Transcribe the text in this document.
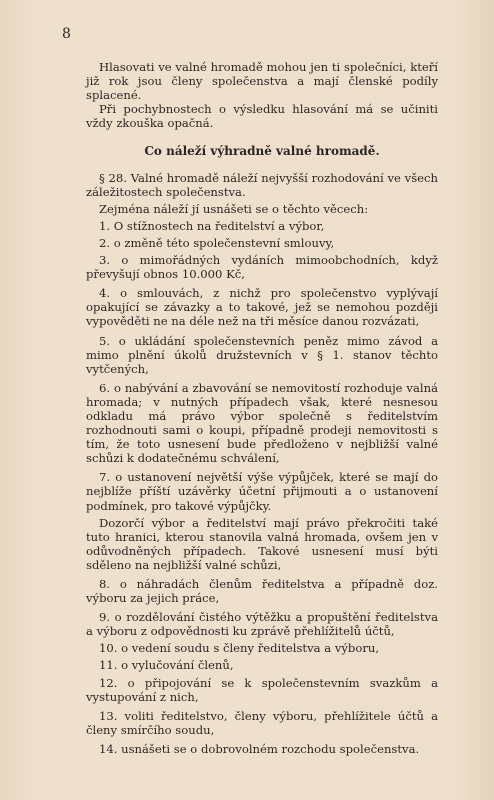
8

Hlasovati ve valné hromadě mohou jen ti společníci, kteří již rok jsou členy společenstva a mají členské podíly splacené.

Při pochybnostech o výsledku hlasování má se učiniti vždy zkouška opačná.

Co náleží výhradně valné hromadě.

§ 28. Valné hromadě náleží nejvyšší rozhodování ve všech záležitostech společenstva.

Zejména náleží jí usnášeti se o těchto věcech:

1. O stížnostech na ředitelství a výbor,

2. o změně této společenstevní smlouvy,

3. o mimořádných vydáních mimoobchodních, když převyšují obnos 10.000 Kč,

4. o smlouvách, z nichž pro společenstvo vyplývají opakující se závazky a to takové, jež se nemohou později vypověděti ne na déle než na tři měsíce danou rozvázati,

5. o ukládání společenstevních peněz mimo závod a mimo plnění úkolů družstevních v § 1. stanov těchto vytčených,

6. o nabývání a zbavování se nemovitostí rozhoduje valná hromada; v nutných případech však, které nesnesou odkladu má právo výbor společně s ředitelstvím rozhodnouti sami o koupi, případně prodeji nemovitosti s tím, že toto usnesení bude předloženo v nejbližší valné schůzi k dodatečnému schválení,

7. o ustanovení největší výše výpůjček, které se mají do nejblíže příští uzávěrky účetní přijmouti a o ustanovení podmínek, pro takové výpůjčky.

Dozorčí výbor a ředitelství mají právo překročiti také tuto hranici, kterou stanovila valná hromada, ovšem jen v odůvodněných případech. Takové usnesení musí býti sděleno na nejbližší valné schůzi,

8. o náhradách členům ředitelstva a případně doz. výboru za jejich práce,

9. o rozdělování čistého výtěžku a propuštění ředitelstva a výboru z odpovědnosti ku zprávě přehlížitelů účtů,

10. o vedení soudu s členy ředitelstva a výboru,

11. o vylučování členů,

12. o připojování se k společenstevním svazkům a vystupování z nich,

13. voliti ředitelstvo, členy výboru, přehlížitele účtů a členy smírčího soudu,

14. usnášeti se o dobrovolném rozchodu společenstva.
